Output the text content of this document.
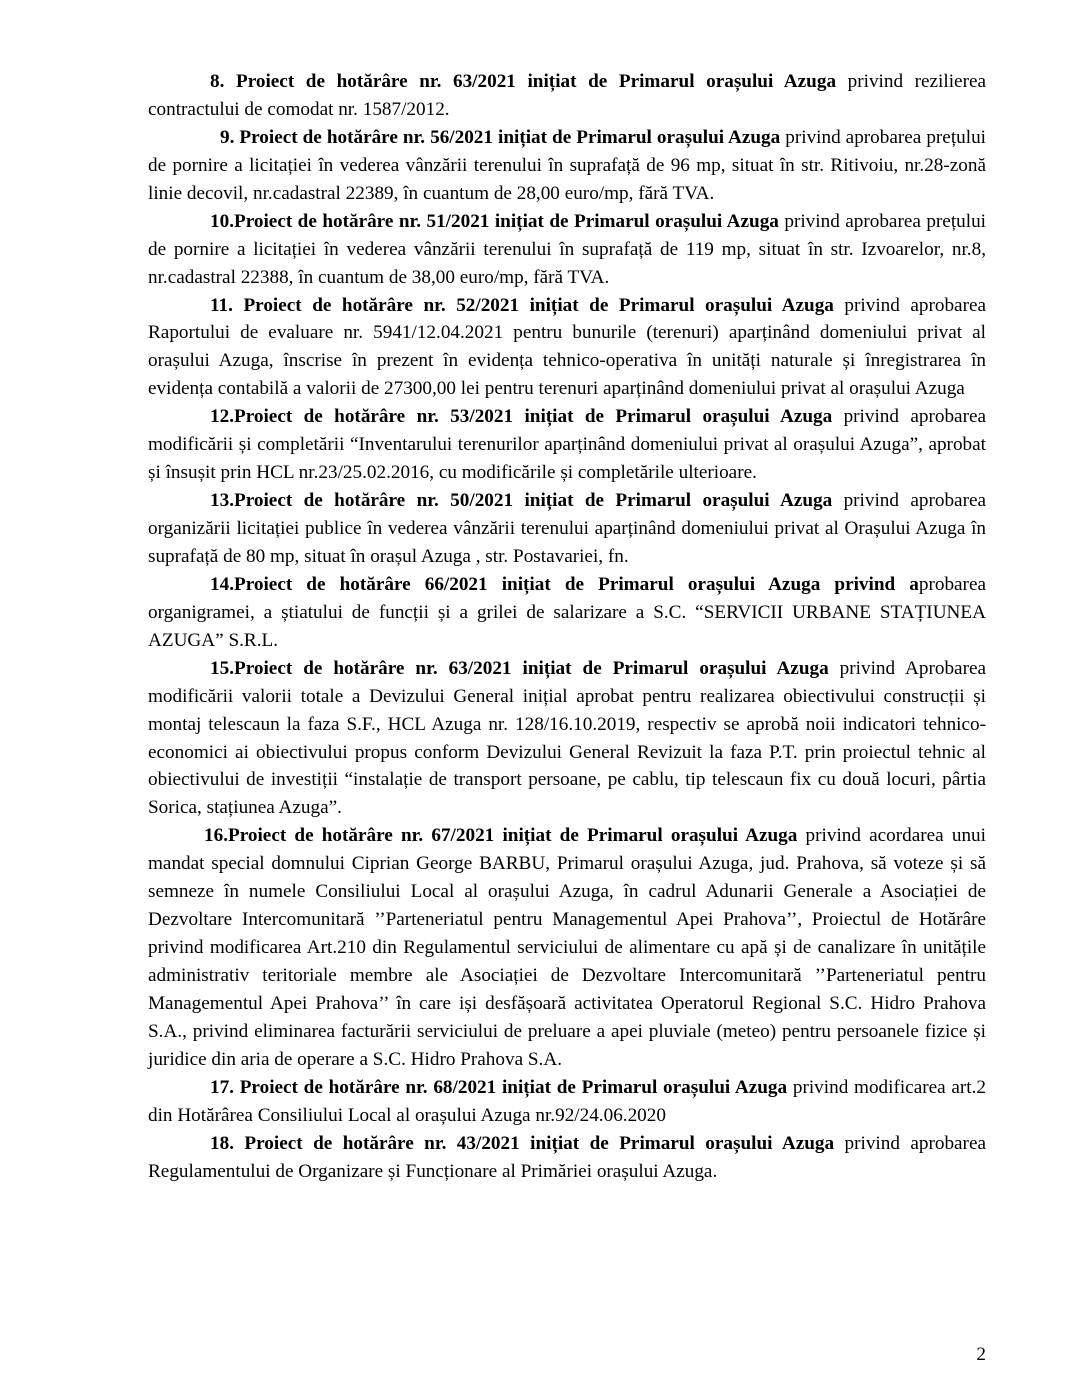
8. Proiect de hotărâre nr. 63/2021 inițiat de Primarul orașului Azuga privind rezilierea contractului de comodat nr. 1587/2012.

9. Proiect de hotărâre nr. 56/2021 inițiat de Primarul orașului Azuga privind aprobarea prețului de pornire a licitației în vederea vânzării terenului în suprafață de 96 mp, situat în str. Ritivoiu, nr.28-zonă linie decovil, nr.cadastral 22389, în cuantum de 28,00 euro/mp, fără TVA.

10.Proiect de hotărâre nr. 51/2021 inițiat de Primarul orașului Azuga privind aprobarea prețului de pornire a licitației în vederea vânzării terenului în suprafață de 119 mp, situat în str. Izvoarelor, nr.8, nr.cadastral 22388, în cuantum de 38,00 euro/mp, fără TVA.

11. Proiect de hotărâre nr. 52/2021 inițiat de Primarul orașului Azuga privind aprobarea Raportului de evaluare nr. 5941/12.04.2021 pentru bunurile (terenuri) aparținând domeniului privat al orașului Azuga, înscrise în prezent în evidența tehnico-operativa în unități naturale și înregistrarea în evidența contabilă a valorii de 27300,00 lei pentru terenuri aparținând domeniului privat al orașului Azuga

12.Proiect de hotărâre nr. 53/2021 inițiat de Primarul orașului Azuga privind aprobarea modificării și completării “Inventarului terenurilor aparținând domeniului privat al orașului Azuga”, aprobat și însușit prin HCL nr.23/25.02.2016, cu modificările și completările ulterioare.

13.Proiect de hotărâre nr. 50/2021 inițiat de Primarul orașului Azuga privind aprobarea organizării licitației publice în vederea vânzării terenului aparținând domeniului privat al Orașului Azuga în suprafață de 80 mp, situat în orașul Azuga , str. Postavariei, fn.

14.Proiect de hotărâre 66/2021 inițiat de Primarul orașului Azuga privind aprobarea organigramei, a știatului de funcții și a grilei de salarizare a S.C. “SERVICII URBANE STAȚIUNEA AZUGA” S.R.L.

15.Proiect de hotărâre nr. 63/2021 inițiat de Primarul orașului Azuga privind Aprobarea modificării valorii totale a Devizului General inițial aprobat pentru realizarea obiectivului construcții și montaj telescaun la faza S.F., HCL Azuga nr. 128/16.10.2019, respectiv se aprobă noii indicatori tehnico-economici ai obiectivului propus conform Devizului General Revizuit la faza P.T. prin proiectul tehnic al obiectivului de investiții “instalație de transport persoane, pe cablu, tip telescaun fix cu două locuri, pârtia Sorica, stațiunea Azuga”.

16.Proiect de hotărâre nr. 67/2021 inițiat de Primarul orașului Azuga privind acordarea unui mandat special domnului Ciprian George BARBU, Primarul orașului Azuga, jud. Prahova, să voteze și să semneze în numele Consiliului Local al orașului Azuga, în cadrul Adunarii Generale a Asociației de Dezvoltare Intercomunitară ’’Parteneriatul pentru Managementul Apei Prahova’’, Proiectul de Hotărâre privind modificarea Art.210 din Regulamentul serviciului de alimentare cu apă și de canalizare în unitățile administrativ teritoriale membre ale Asociației de Dezvoltare Intercomunitară ’’Parteneriatul pentru Managementul Apei Prahova’’ în care iși desfășoară activitatea Operatorul Regional S.C. Hidro Prahova S.A., privind eliminarea facturării serviciului de preluare a apei pluviale (meteo) pentru persoanele fizice și juridice din aria de operare a S.C. Hidro Prahova S.A.

17. Proiect de hotărâre nr. 68/2021 inițiat de Primarul orașului Azuga privind modificarea art.2 din Hotărârea Consiliului Local al orașului Azuga nr.92/24.06.2020

18. Proiect de hotărâre nr. 43/2021 inițiat de Primarul orașului Azuga privind aprobarea Regulamentului de Organizare și Funcționare al Primăriei orașului Azuga.

2
